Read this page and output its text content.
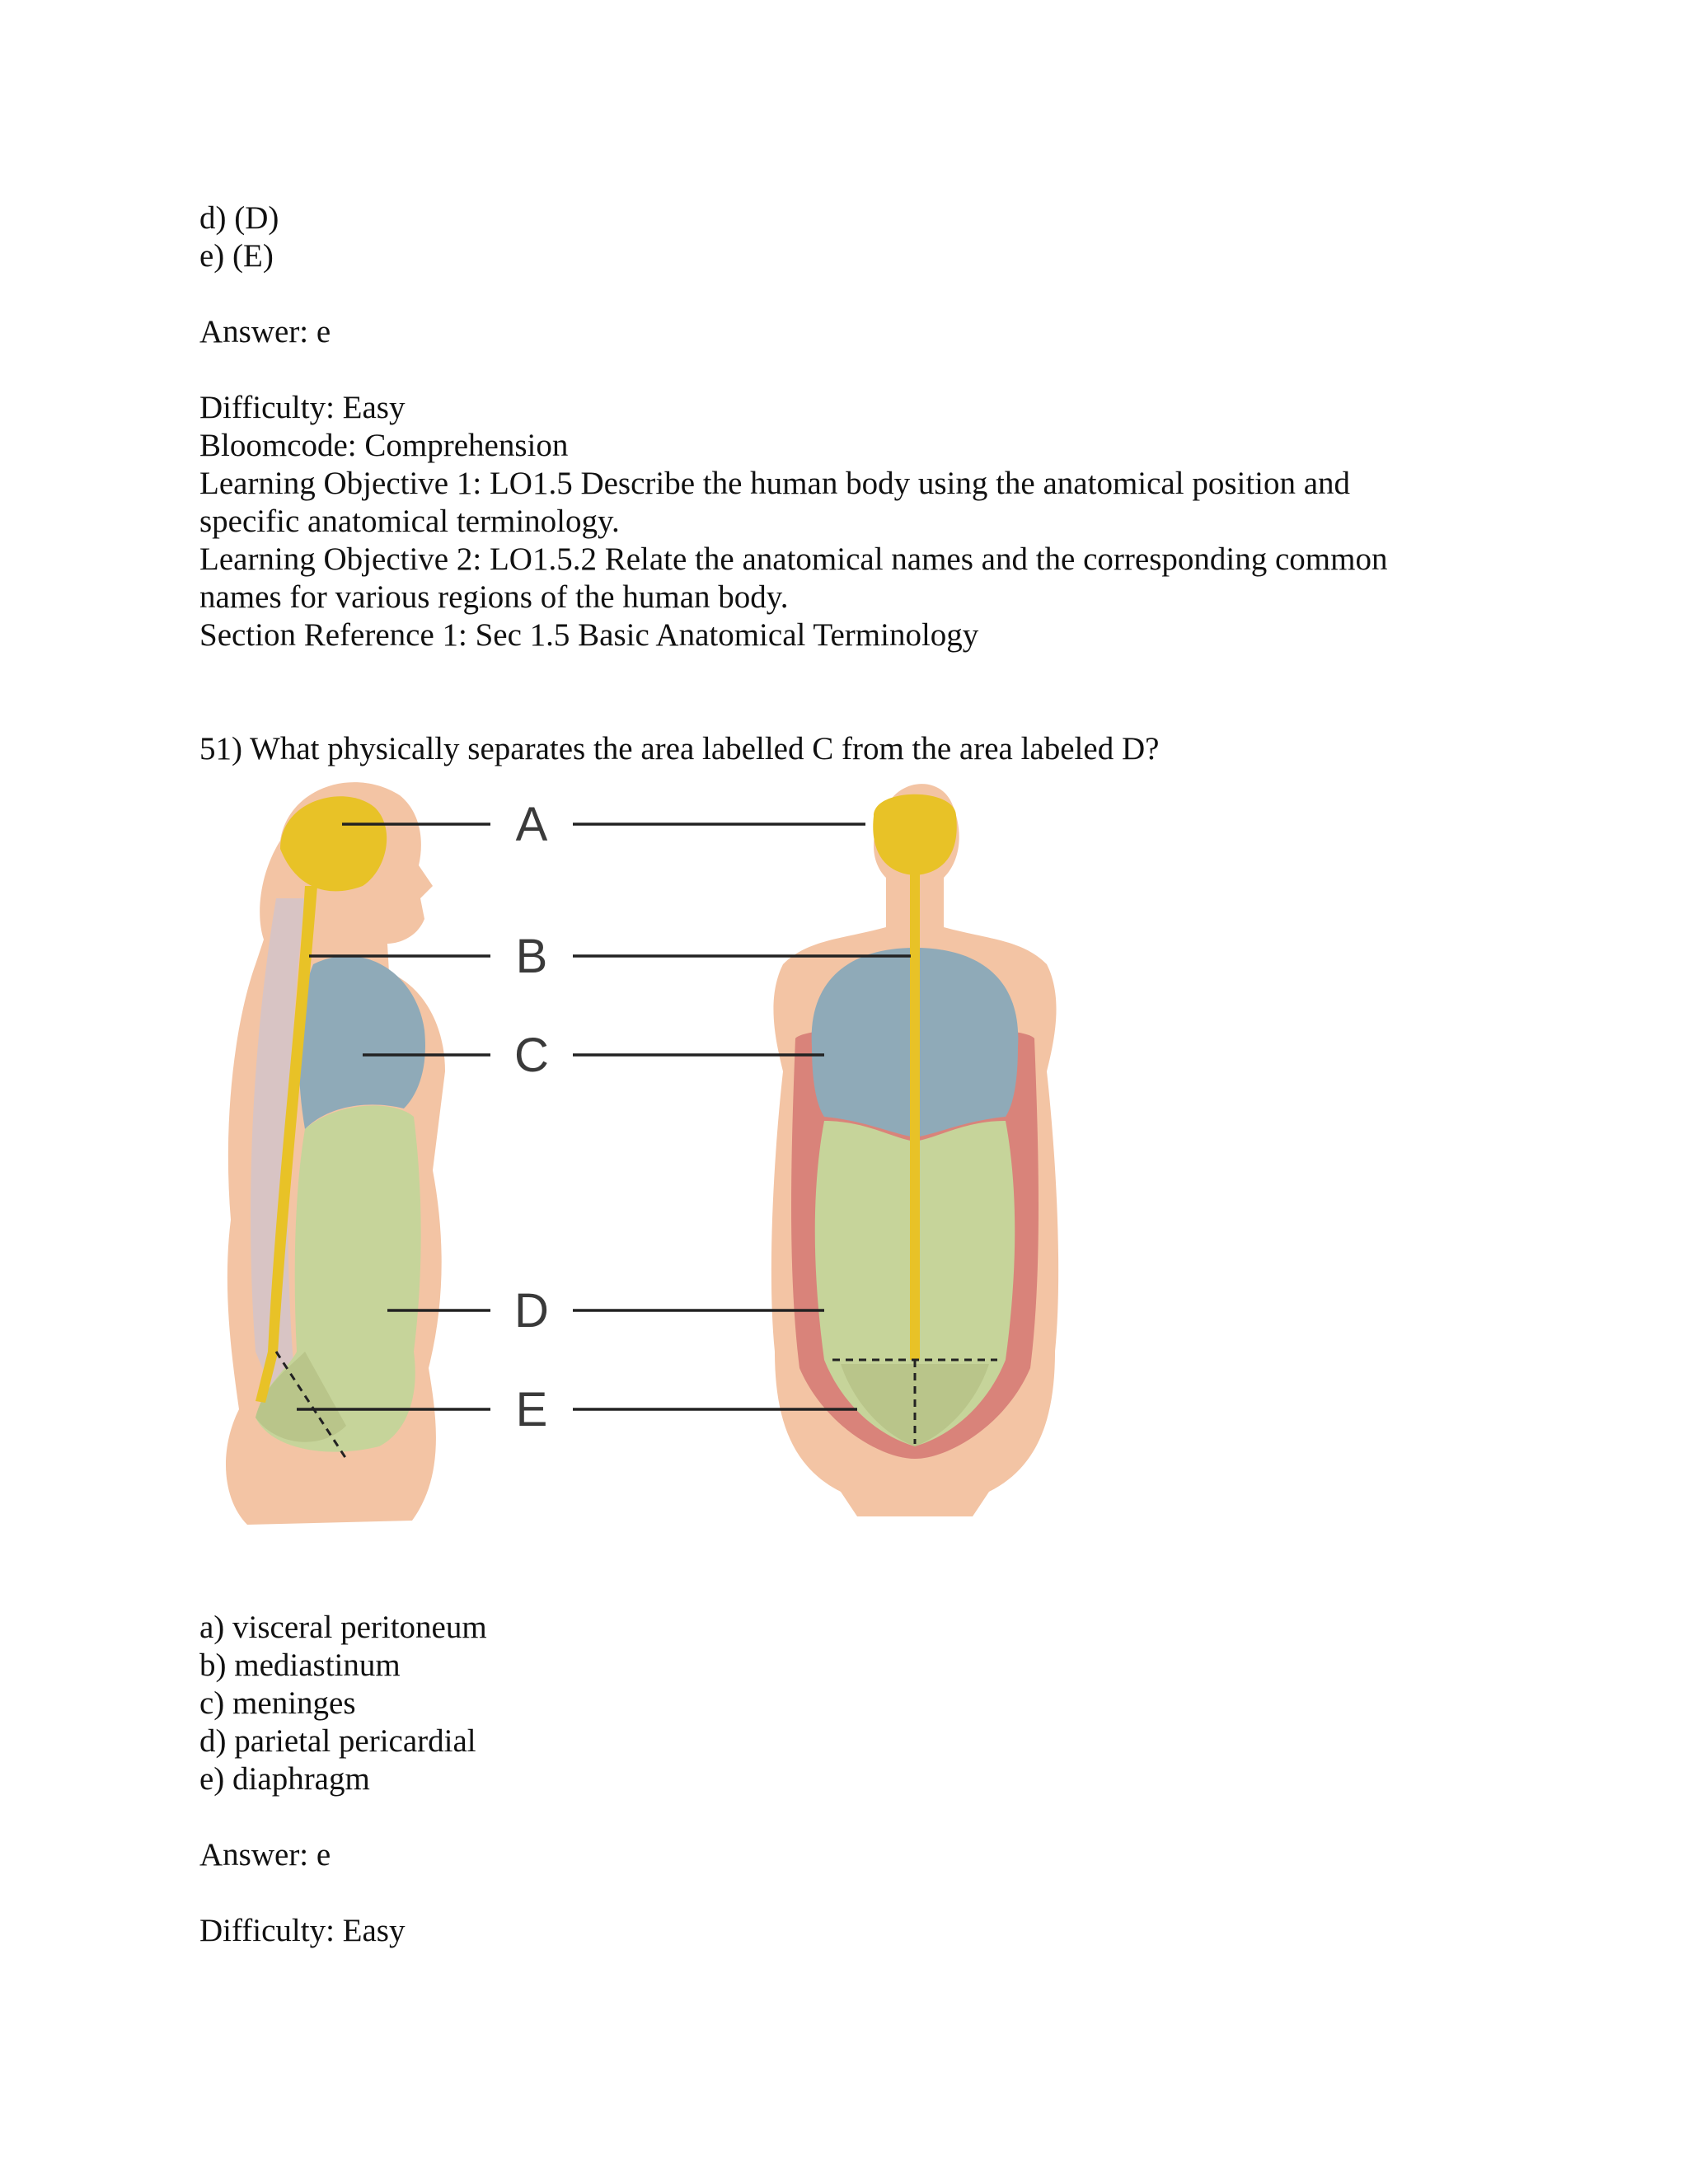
d) (D)

e) (E)

Answer: e

Difficulty: Easy

Bloomcode: Comprehension

Learning Objective 1: LO1.5 Describe the human body using the anatomical position and

specific anatomical terminology.

Learning Objective 2: LO1.5.2 Relate the anatomical names and the corresponding common

names for various regions of the human body.

Section Reference 1: Sec 1.5 Basic Anatomical Terminology

51) What physically separates the area labelled C from the area labeled D?

A
B
C
D
E

a) visceral peritoneum

b) mediastinum

c) meninges

d) parietal pericardial

e) diaphragm

Answer: e

Difficulty: Easy
